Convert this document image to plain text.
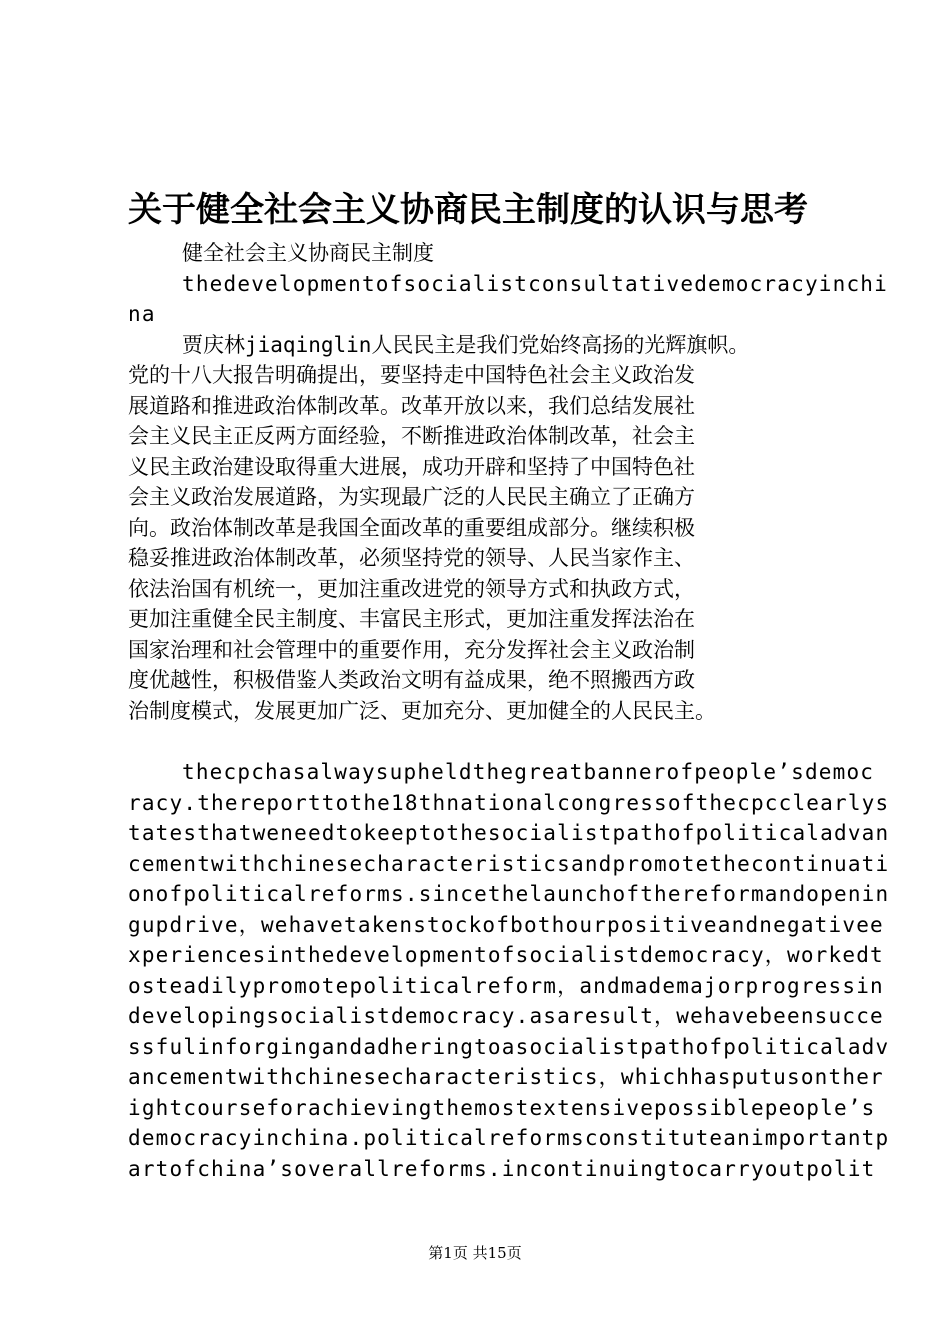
关于健全社会主义协商民主制度的认识与思考
健全社会主义协商民主制度
thedevelopmentofsocialistconsultativedemocracyinchi
na
贾庆林jiaqinglin人民民主是我们党始终高扬的光辉旗帜。
党的十八大报告明确提出，要坚持走中国特色社会主义政治发
展道路和推进政治体制改革。改革开放以来，我们总结发展社
会主义民主正反两方面经验，不断推进政治体制改革，社会主
义民主政治建设取得重大进展，成功开辟和坚持了中国特色社
会主义政治发展道路，为实现最广泛的人民民主确立了正确方
向。政治体制改革是我国全面改革的重要组成部分。继续积极
稳妥推进政治体制改革，必须坚持党的领导、人民当家作主、
依法治国有机统一，更加注重改进党的领导方式和执政方式，
更加注重健全民主制度、丰富民主形式，更加注重发挥法治在
国家治理和社会管理中的重要作用，充分发挥社会主义政治制
度优越性，积极借鉴人类政治文明有益成果，绝不照搬西方政
治制度模式，发展更加广泛、更加充分、更加健全的人民民主。
thecpchasalwaysupheldthegreatbannerofpeople’sdemoc
racy.thereporttothe18thnationalcongressofthecpcclearlys
tatesthatweneedtokeeptothesocialistpathofpoliticaladvan
cementwithchinesecharacteristicsandpromotethecontinuati
onofpoliticalreforms.sincethelaunchofthereformandopenin
gupdrive，wehavetakenstockofbothourpositiveandnegativee
xperiencesinthedevelopmentofsocialistdemocracy，workedt
osteadilypromotepoliticalreform，andmademajorprogressin
developingsocialistdemocracy.asaresult，wehavebeensucce
ssfulinforgingandadheringtoasocialistpathofpoliticaladv
ancementwithchinesecharacteristics，whichhasputusonther
ightcourseforachievingthemostextensivepossiblepeople’s
democracyinchina.politicalreformsconstituteanimportantp
artofchina’soverallreforms.incontinuingtocarryoutpolit
第1页 共15页
